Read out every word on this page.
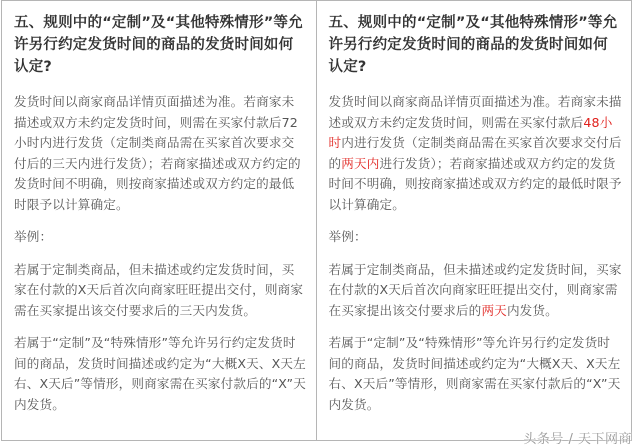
五、规则中的“定制”及“其他特殊情形”等允许另行约定发货时间的商品的发货时间如何认定?

发货时间以商家商品详情页面描述为准。若商家未描述或双方未约定发货时间，则需在买家付款后72小时内进行发货（定制类商品需在买家首次要求交付后的三天内进行发货）；若商家描述或双方约定的发货时间不明确，则按商家描述或双方约定的最低时限予以计算确定。

举例：

若属于定制类商品，但未描述或约定发货时间，买家在付款的X天后首次向商家旺旺提出交付，则商家需在买家提出该交付要求后的三天内发货。

若属于“定制”及“特殊情形”等允许另行约定发货时间的商品，发货时间描述或约定为“大概X天、X天左右、X天后”等情形，则商家需在买家付款后的“X”天内发货。

五、规则中的“定制”及“其他特殊情形”等允许另行约定发货时间的商品的发货时间如何认定?

发货时间以商家商品详情页面描述为准。若商家未描述或双方未约定发货时间，则需在买家付款后48小时内进行发货（定制类商品需在买家首次要求交付后的两天内进行发货）；若商家描述或双方约定的发货时间不明确，则按商家描述或双方约定的最低时限予以计算确定。

举例：

若属于定制类商品，但未描述或约定发货时间，买家在付款的X天后首次向商家旺旺提出交付，则商家需在买家提出该交付要求后的两天内发货。

若属于“定制”及“特殊情形”等允许另行约定发货时间的商品，发货时间描述或约定为“大概X天、X天左右、X天后”等情形，则商家需在买家付款后的“X”天内发货。

头条号 / 天下网商
